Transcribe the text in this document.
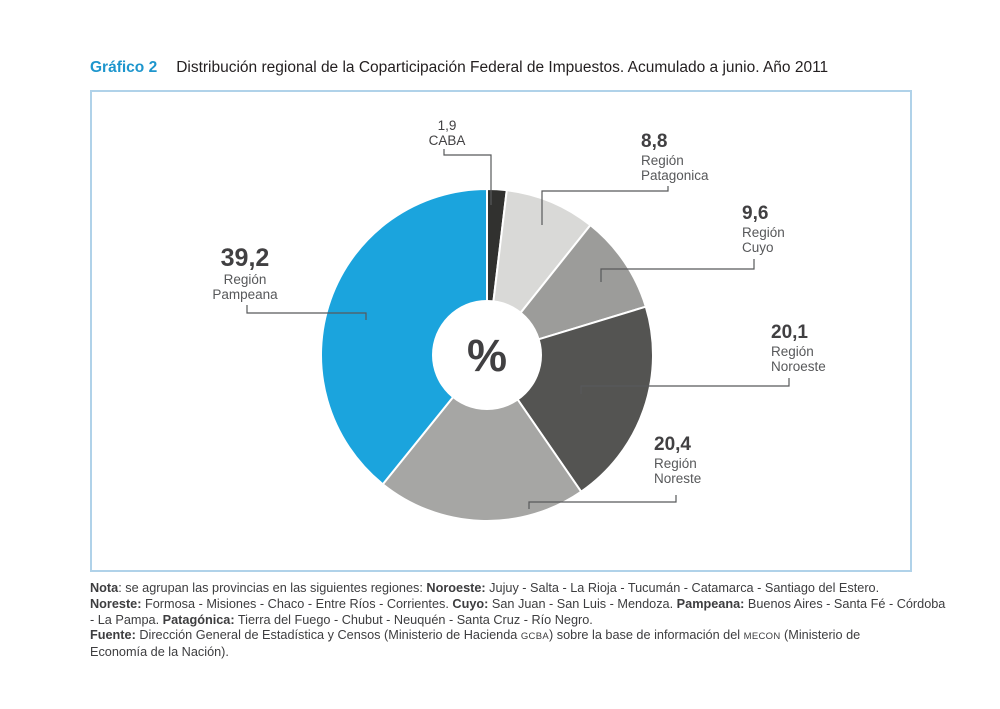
Gráfico 2 Distribución regional de la Coparticipación Federal de Impuestos. Acumulado a junio. Año 2011
%
1,9
CABA	8,8
Región
Patagonica
9,6
Región
Cuyo
20,1
Región
Noroeste
20,4
Región
Noreste
39,2
Región
Pampeana
Nota: se agrupan las provincias en las siguientes regiones: Noroeste: Jujuy - Salta - La Rioja - Tucumán - Catamarca - Santiago del Estero.
Noreste: Formosa - Misiones - Chaco - Entre Ríos - Corrientes. Cuyo: San Juan - San Luis - Mendoza. Pampeana: Buenos Aires - Santa Fé - Córdoba
- La Pampa. Patagónica: Tierra del Fuego - Chubut - Neuquén - Santa Cruz - Río Negro.
Fuente: Dirección General de Estadística y Censos (Ministerio de Hacienda GCBA) sobre la base de información del MECON (Ministerio de
Economía de la Nación).
